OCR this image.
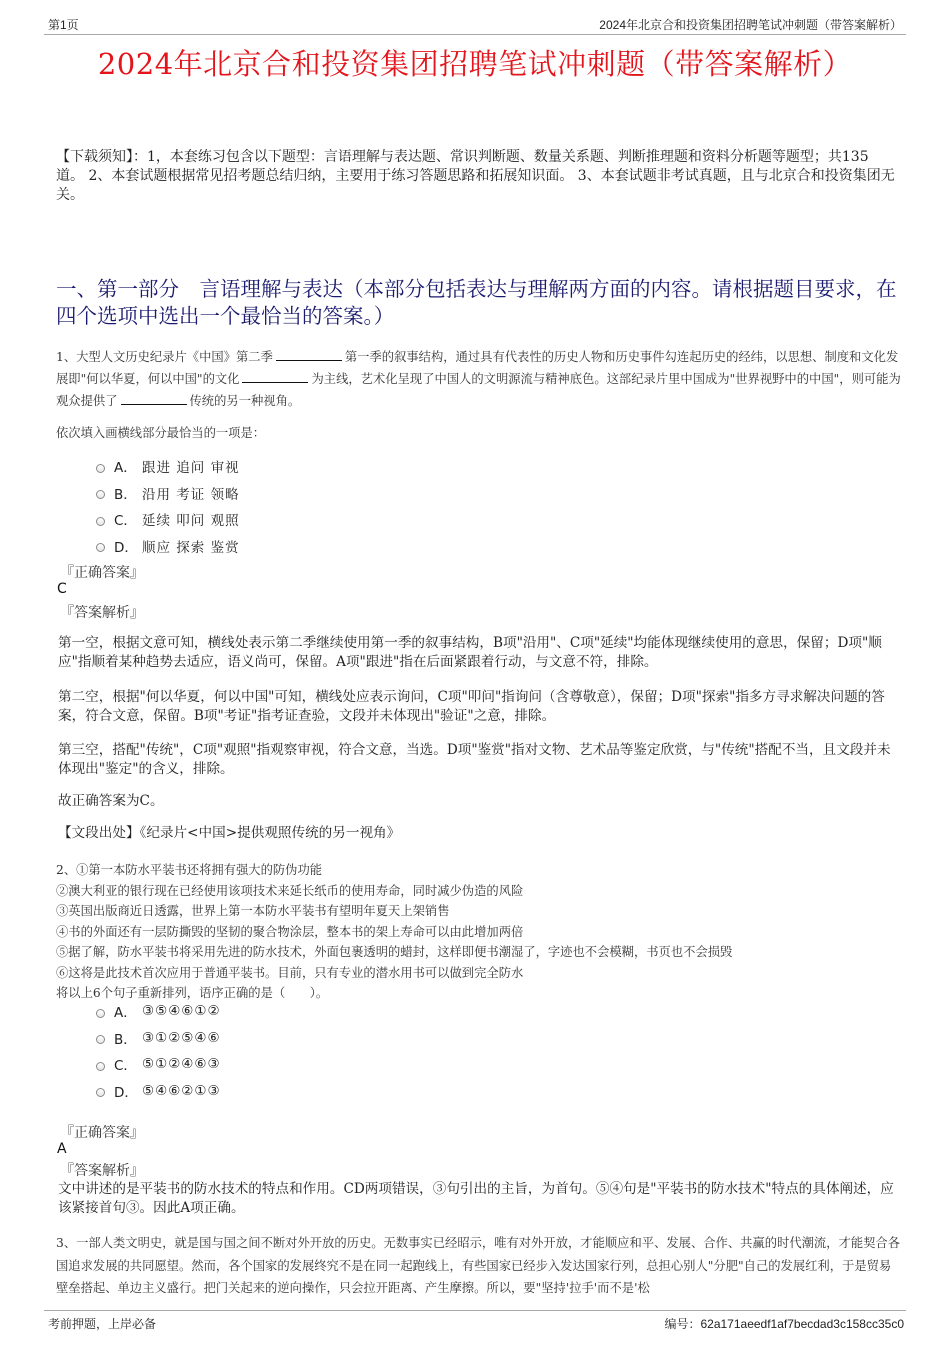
第1页	2024年北京合和投资集团招聘笔试冲刺题（带答案解析）
2024年北京合和投资集团招聘笔试冲刺题（带答案解析）
【下载须知】：1，本套练习包含以下题型：言语理解与表达题、常识判断题、数量关系题、判断推理题和资料分析题等题型；共135道。 2、本套试题根据常见招考题总结归纳，主要用于练习答题思路和拓展知识面。 3、本套试题非考试真题，且与北京合和投资集团无关。
一、第一部分　言语理解与表达（本部分包括表达与理解两方面的内容。请根据题目要求，在四个选项中选出一个最恰当的答案。）
1、大型人文历史纪录片《中国》第二季	第一季的叙事结构，通过具有代表性的历史人物和历史事件勾连起历史的经纬，以思想、制度和文化发展即"何以华夏，何以中国"的文化	为主线，艺术化呈现了中国人的文明源流与精神底色。这部纪录片里中国成为"世界视野中的中国"，则可能为观众提供了	传统的另一种视角。
依次填入画横线部分最恰当的一项是：
A． 跟进 追问 审视
B． 沿用 考证 领略
C． 延续 叩问 观照
D． 顺应 探索 鉴赏
『正确答案』
C
『答案解析』
第一空，根据文意可知，横线处表示第二季继续使用第一季的叙事结构，B项"沿用"、C项"延续"均能体现继续使用的意思，保留；D项"顺应"指顺着某种趋势去适应，语义尚可，保留。A项"跟进"指在后面紧跟着行动，与文意不符，排除。
第二空，根据"何以华夏，何以中国"可知，横线处应表示询问，C项"叩问"指询问（含尊敬意），保留；D项"探索"指多方寻求解决问题的答案，符合文意，保留。B项"考证"指考证查验，文段并未体现出"验证"之意，排除。
第三空，搭配"传统"，C项"观照"指观察审视，符合文意，当选。D项"鉴赏"指对文物、艺术品等鉴定欣赏，与"传统"搭配不当，且文段并未体现出"鉴定"的含义，排除。
故正确答案为C。
【文段出处】《纪录片<中国>提供观照传统的另一视角》
2、①第一本防水平装书还将拥有强大的防伪功能
②澳大利亚的银行现在已经使用该项技术来延长纸币的使用寿命，同时减少伪造的风险
③英国出版商近日透露，世界上第一本防水平装书有望明年夏天上架销售
④书的外面还有一层防撕毁的坚韧的聚合物涂层，整本书的架上寿命可以由此增加两倍
⑤据了解，防水平装书将采用先进的防水技术，外面包裹透明的蜡封，这样即便书潮湿了，字迹也不会模糊，书页也不会损毁
⑥这将是此技术首次应用于普通平装书。目前，只有专业的潜水用书可以做到完全防水
将以上6个句子重新排列，语序正确的是（　　）。
A． ③⑤④⑥①②
B． ③①②⑤④⑥
C． ⑤①②④⑥③
D． ⑤④⑥②①③
『正确答案』
A
『答案解析』
文中讲述的是平装书的防水技术的特点和作用。CD两项错误，③句引出的主旨，为首句。⑤④句是"平装书的防水技术"特点的具体阐述，应该紧接首句③。因此A项正确。
3、一部人类文明史，就是国与国之间不断对外开放的历史。无数事实已经昭示，唯有对外开放，才能顺应和平、发展、合作、共赢的时代潮流，才能契合各国追求发展的共同愿望。然而，各个国家的发展终究不是在同一起跑线上，有些国家已经步入发达国家行列，总担心别人"分肥"自己的发展红利，于是贸易壁垒搭起、单边主义盛行。把门关起来的逆向操作，只会拉开距离、产生摩擦。所以，要"坚持'拉手'而不是'松
考前押题，上岸必备	编号：62a171aeedf1af7becdad3c158cc35c0
